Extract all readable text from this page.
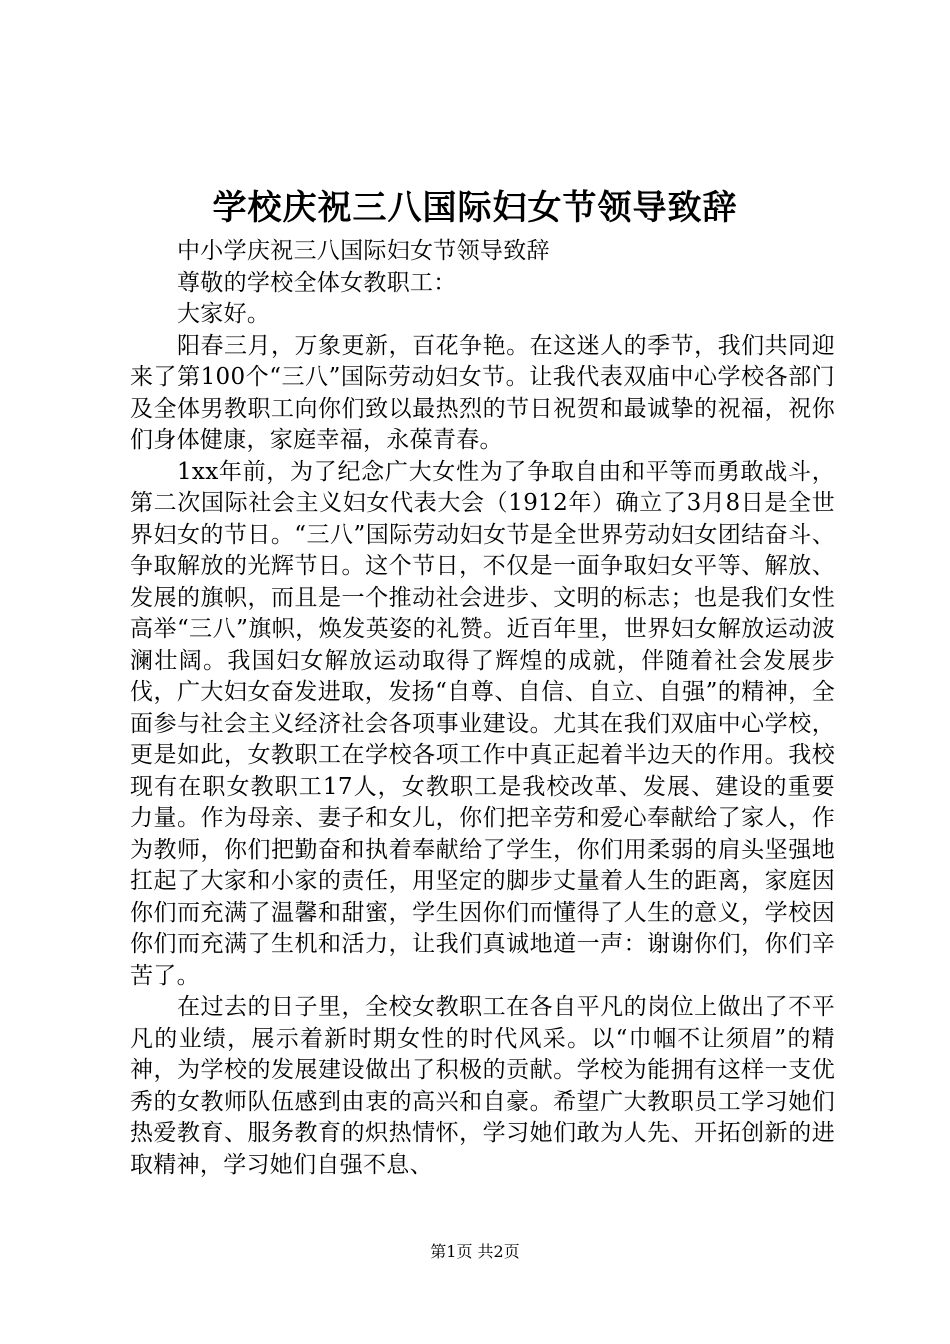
学校庆祝三八国际妇女节领导致辞

中小学庆祝三八国际妇女节领导致辞

尊敬的学校全体女教职工：

大家好。

阳春三月，万象更新，百花争艳。在这迷人的季节，我们共同迎来了第100个“三八”国际劳动妇女节。让我代表双庙中心学校各部门及全体男教职工向你们致以最热烈的节日祝贺和最诚挚的祝福，祝你们身体健康，家庭幸福，永葆青春。

1xx年前，为了纪念广大女性为了争取自由和平等而勇敢战斗，第二次国际社会主义妇女代表大会（1912年）确立了3月8日是全世界妇女的节日。“三八”国际劳动妇女节是全世界劳动妇女团结奋斗、争取解放的光辉节日。这个节日，不仅是一面争取妇女平等、解放、发展的旗帜，而且是一个推动社会进步、文明的标志；也是我们女性高举“三八”旗帜，焕发英姿的礼赞。近百年里，世界妇女解放运动波澜壮阔。我国妇女解放运动取得了辉煌的成就，伴随着社会发展步伐，广大妇女奋发进取，发扬“自尊、自信、自立、自强”的精神，全面参与社会主义经济社会各项事业建设。尤其在我们双庙中心学校，更是如此，女教职工在学校各项工作中真正起着半边天的作用。我校现有在职女教职工17人，女教职工是我校改革、发展、建设的重要力量。作为母亲、妻子和女儿，你们把辛劳和爱心奉献给了家人，作为教师，你们把勤奋和执着奉献给了学生，你们用柔弱的肩头坚强地扛起了大家和小家的责任，用坚定的脚步丈量着人生的距离，家庭因你们而充满了温馨和甜蜜，学生因你们而懂得了人生的意义，学校因你们而充满了生机和活力，让我们真诚地道一声：谢谢你们，你们辛苦了。

在过去的日子里，全校女教职工在各自平凡的岗位上做出了不平凡的业绩，展示着新时期女性的时代风采。以“巾帼不让须眉”的精神，为学校的发展建设做出了积极的贡献。学校为能拥有这样一支优秀的女教师队伍感到由衷的高兴和自豪。希望广大教职员工学习她们热爱教育、服务教育的炽热情怀，学习她们敢为人先、开拓创新的进取精神，学习她们自强不息、

第1页 共2页
